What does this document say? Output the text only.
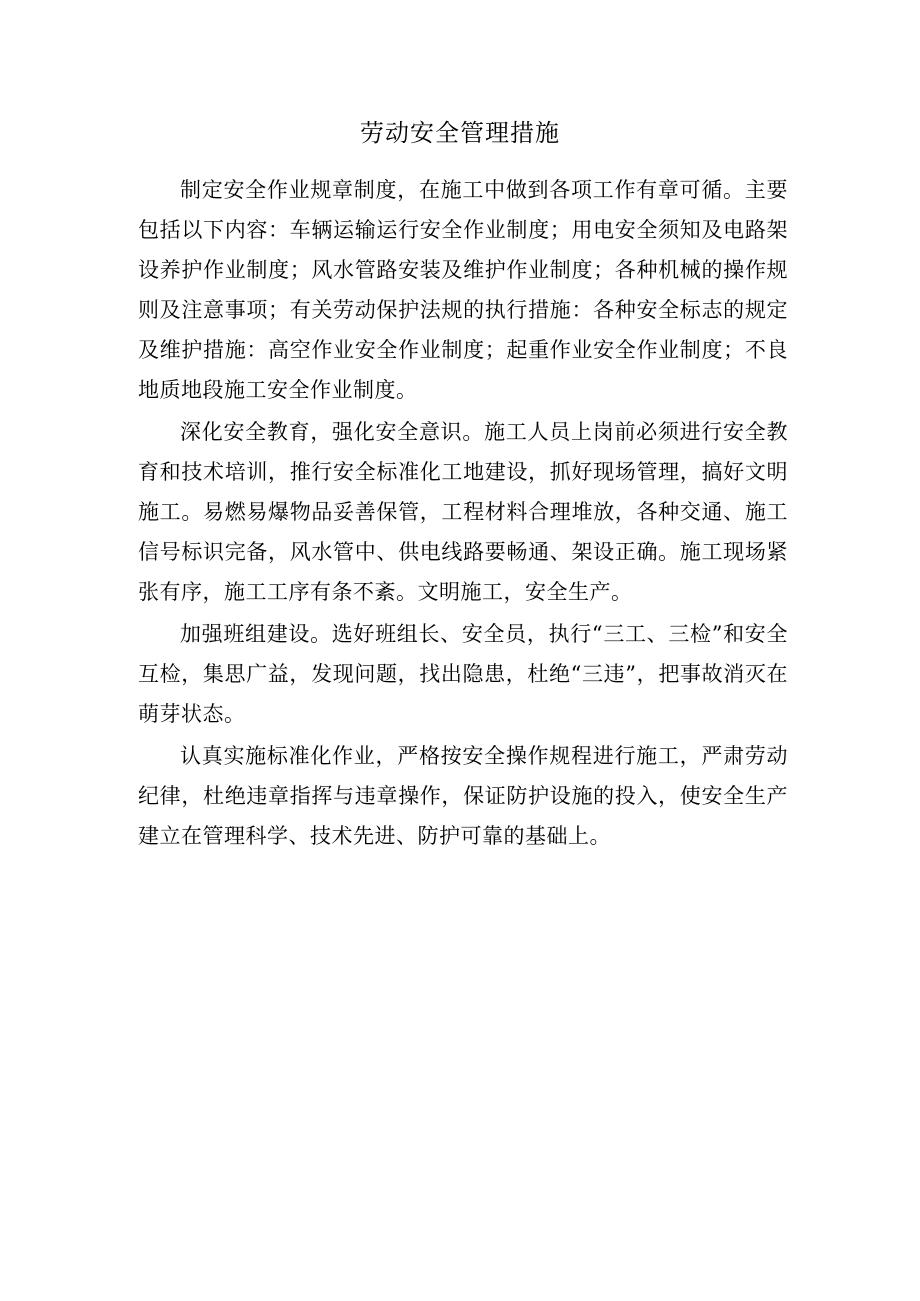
劳动安全管理措施

制定安全作业规章制度，在施工中做到各项工作有章可循。主要包括以下内容：车辆运输运行安全作业制度；用电安全须知及电路架设养护作业制度；风水管路安装及维护作业制度；各种机械的操作规则及注意事项；有关劳动保护法规的执行措施：各种安全标志的规定及维护措施：高空作业安全作业制度；起重作业安全作业制度；不良地质地段施工安全作业制度。

深化安全教育，强化安全意识。施工人员上岗前必须进行安全教育和技术培训，推行安全标准化工地建设，抓好现场管理，搞好文明施工。易燃易爆物品妥善保管，工程材料合理堆放，各种交通、施工信号标识完备，风水管中、供电线路要畅通、架设正确。施工现场紧张有序，施工工序有条不紊。文明施工，安全生产。

加强班组建设。选好班组长、安全员，执行“三工、三检”和安全互检，集思广益，发现问题，找出隐患，杜绝“三违”，把事故消灭在萌芽状态。

认真实施标准化作业，严格按安全操作规程进行施工，严肃劳动纪律，杜绝违章指挥与违章操作，保证防护设施的投入，使安全生产建立在管理科学、技术先进、防护可靠的基础上。
